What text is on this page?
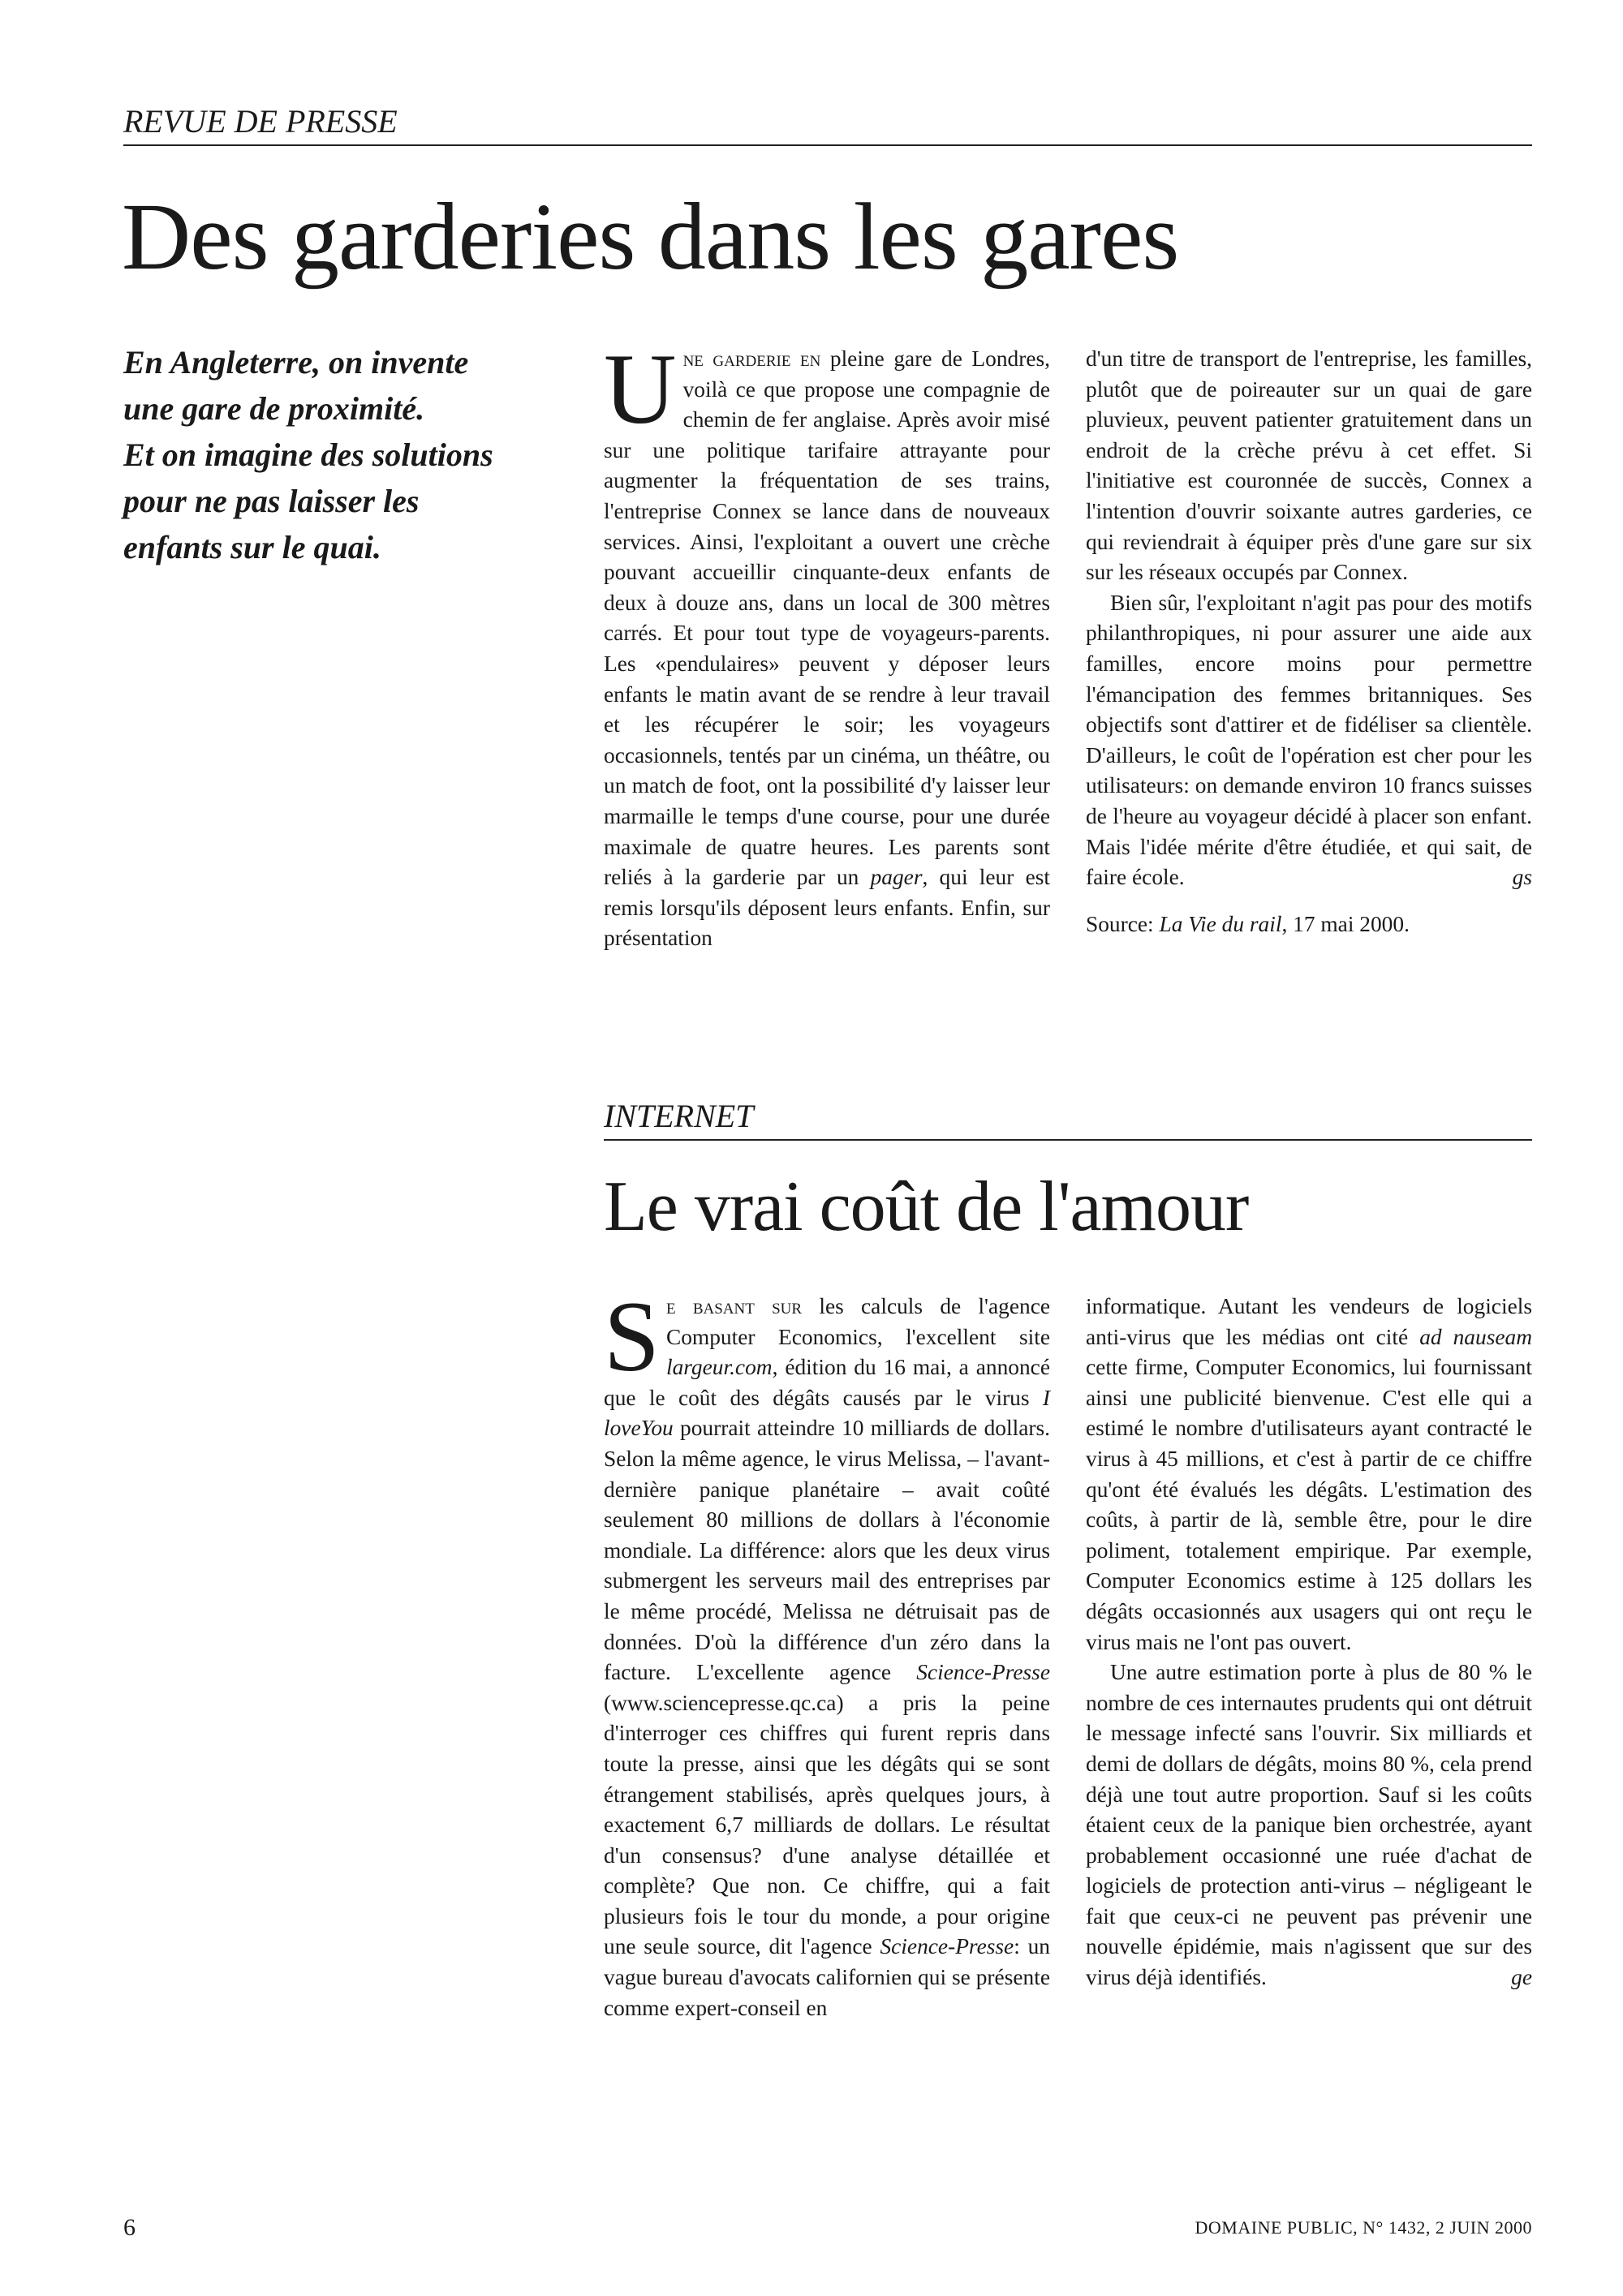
REVUE DE PRESSE
Des garderies dans les gares
En Angleterre, on invente
une gare de proximité.
Et on imagine des solutions
pour ne pas laisser les
enfants sur le quai.

Une garderie en pleine gare de Londres, voilà ce que propose une compagnie de chemin de fer anglaise. Après avoir misé sur une politique tarifaire attrayante pour augmenter la fréquentation de ses trains, l'entreprise Connex se lance dans de nouveaux services. Ainsi, l'exploitant a ouvert une crèche pouvant accueillir cinquante-deux enfants de deux à douze ans, dans un local de 300 mètres carrés. Et pour tout type de voyageurs-parents. Les «pendulaires» peuvent y déposer leurs enfants le matin avant de se rendre à leur travail et les récupérer le soir; les voyageurs occasionnels, tentés par un cinéma, un théâtre, ou un match de foot, ont la possibilité d'y laisser leur marmaille le temps d'une course, pour une durée maximale de quatre heures. Les parents sont reliés à la garderie par un pager, qui leur est remis lorsqu'ils déposent leurs enfants. Enfin, sur présentation

d'un titre de transport de l'entreprise, les familles, plutôt que de poireauter sur un quai de gare pluvieux, peuvent patienter gratuitement dans un endroit de la crèche prévu à cet effet. Si l'initiative est couronnée de succès, Connex a l'intention d'ouvrir soixante autres garderies, ce qui reviendrait à équiper près d'une gare sur six sur les réseaux occupés par Connex.

Bien sûr, l'exploitant n'agit pas pour des motifs philanthropiques, ni pour assurer une aide aux familles, encore moins pour permettre l'émancipation des femmes britanniques. Ses objectifs sont d'attirer et de fidéliser sa clientèle. D'ailleurs, le coût de l'opération est cher pour les utilisateurs: on demande environ 10 francs suisses de l'heure au voyageur décidé à placer son enfant. Mais l'idée mérite d'être étudiée, et qui sait, de faire école.	gs

Source: La Vie du rail, 17 mai 2000.

INTERNET
Le vrai coût de l'amour

Se basant sur les calculs de l'agence Computer Economics, l'excellent site largeur.com, édition du 16 mai, a annoncé que le coût des dégâts causés par le virus I loveYou pourrait atteindre 10 milliards de dollars. Selon la même agence, le virus Melissa, – l'avant-dernière panique planétaire – avait coûté seulement 80 millions de dollars à l'économie mondiale. La différence: alors que les deux virus submergent les serveurs mail des entreprises par le même procédé, Melissa ne détruisait pas de données. D'où la différence d'un zéro dans la facture. L'excellente agence Science-Presse (www.sciencepresse.qc.ca) a pris la peine d'interroger ces chiffres qui furent repris dans toute la presse, ainsi que les dégâts qui se sont étrangement stabilisés, après quelques jours, à exactement 6,7 milliards de dollars. Le résultat d'un consensus? d'une analyse détaillée et complète? Que non. Ce chiffre, qui a fait plusieurs fois le tour du monde, a pour origine une seule source, dit l'agence Science-Presse: un vague bureau d'avocats californien qui se présente comme expert-conseil en

informatique. Autant les vendeurs de logiciels anti-virus que les médias ont cité ad nauseam cette firme, Computer Economics, lui fournissant ainsi une publicité bienvenue. C'est elle qui a estimé le nombre d'utilisateurs ayant contracté le virus à 45 millions, et c'est à partir de ce chiffre qu'ont été évalués les dégâts. L'estimation des coûts, à partir de là, semble être, pour le dire poliment, totalement empirique. Par exemple, Computer Economics estime à 125 dollars les dégâts occasionnés aux usagers qui ont reçu le virus mais ne l'ont pas ouvert.

Une autre estimation porte à plus de 80 % le nombre de ces internautes prudents qui ont détruit le message infecté sans l'ouvrir. Six milliards et demi de dollars de dégâts, moins 80 %, cela prend déjà une tout autre proportion. Sauf si les coûts étaient ceux de la panique bien orchestrée, ayant probablement occasionné une ruée d'achat de logiciels de protection anti-virus – négligeant le fait que ceux-ci ne peuvent pas prévenir une nouvelle épidémie, mais n'agissent que sur des virus déjà identifiés.	ge

6	DOMAINE PUBLIC, N° 1432, 2 JUIN 2000
